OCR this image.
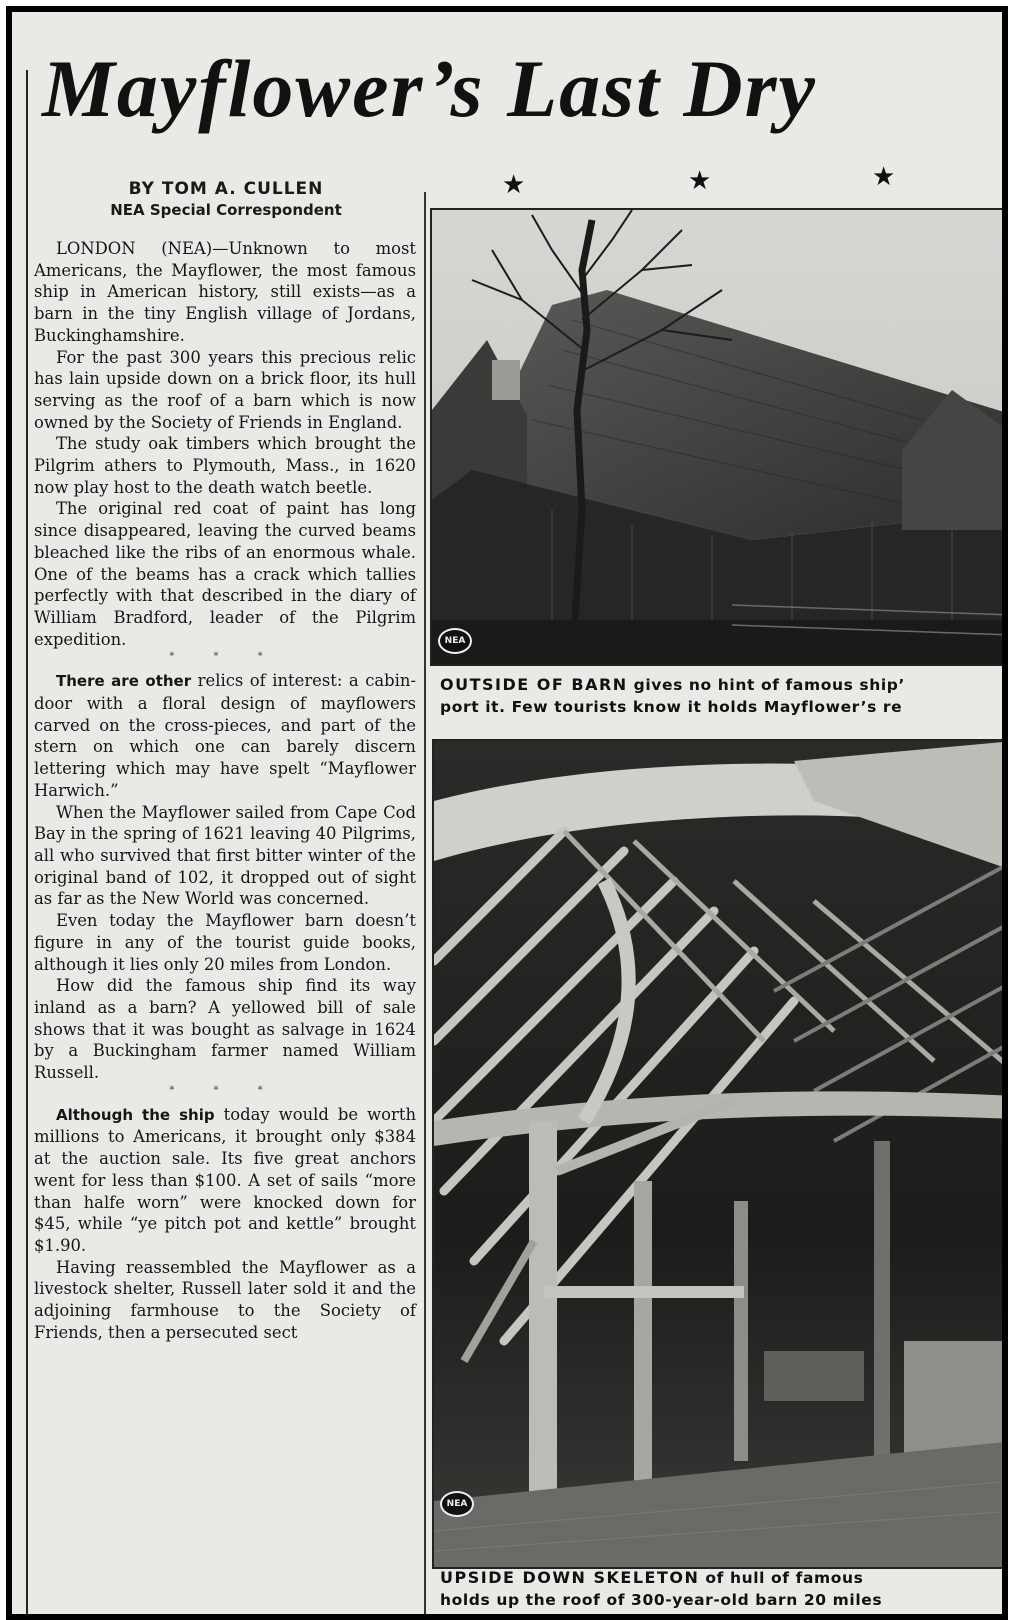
Mayflower’s Last Dry
BY TOM A. CULLEN
NEA Special Correspondent
★	★	★

LONDON (NEA)—Unknown to most Americans, the Mayflower, the most famous ship in American history, still exists—as a barn in the tiny English village of Jordans, Buckinghamshire.

For the past 300 years this precious relic has lain upside down on a brick floor, its hull serving as the roof of a barn which is now owned by the Society of Friends in England.

The study oak timbers which brought the Pilgrim athers to Plymouth, Mass., in 1620 now play host to the death watch beetle.

The original red coat of paint has long since disappeared, leaving the curved beams bleached like the ribs of an enormous whale. One of the beams has a crack which tallies perfectly with that described in the diary of William Bradford, leader of the Pilgrim expedition.

* * *

There are other relics of interest: a cabin-door with a floral design of mayflowers carved on the cross-pieces, and part of the stern on which one can barely discern lettering which may have spelt “Mayflower Harwich.”

When the Mayflower sailed from Cape Cod Bay in the spring of 1621 leaving 40 Pilgrims, all who survived that first bitter winter of the original band of 102, it dropped out of sight as far as the New World was concerned.

Even today the Mayflower barn doesn’t figure in any of the tourist guide books, although it lies only 20 miles from London.

How did the famous ship find its way inland as a barn? A yellowed bill of sale shows that it was bought as salvage in 1624 by a Buckingham farmer named William Russell.

* * *

Although the ship today would be worth millions to Americans, it brought only $384 at the auction sale. Its five great anchors went for less than $100. A set of sails “more than halfe worn” were knocked down for $45, while “ye pitch pot and kettle” brought $1.90.

Having reassembled the Mayflower as a livestock shelter, Russell later sold it and the adjoining farmhouse to the Society of Friends, then a persecuted sect

NEA
OUTSIDE OF BARN gives no hint of famous ship’
port it. Few tourists know it holds Mayflower’s re
NEA
UPSIDE DOWN SKELETON of hull of famous
holds up the roof of 300-year-old barn 20 miles
